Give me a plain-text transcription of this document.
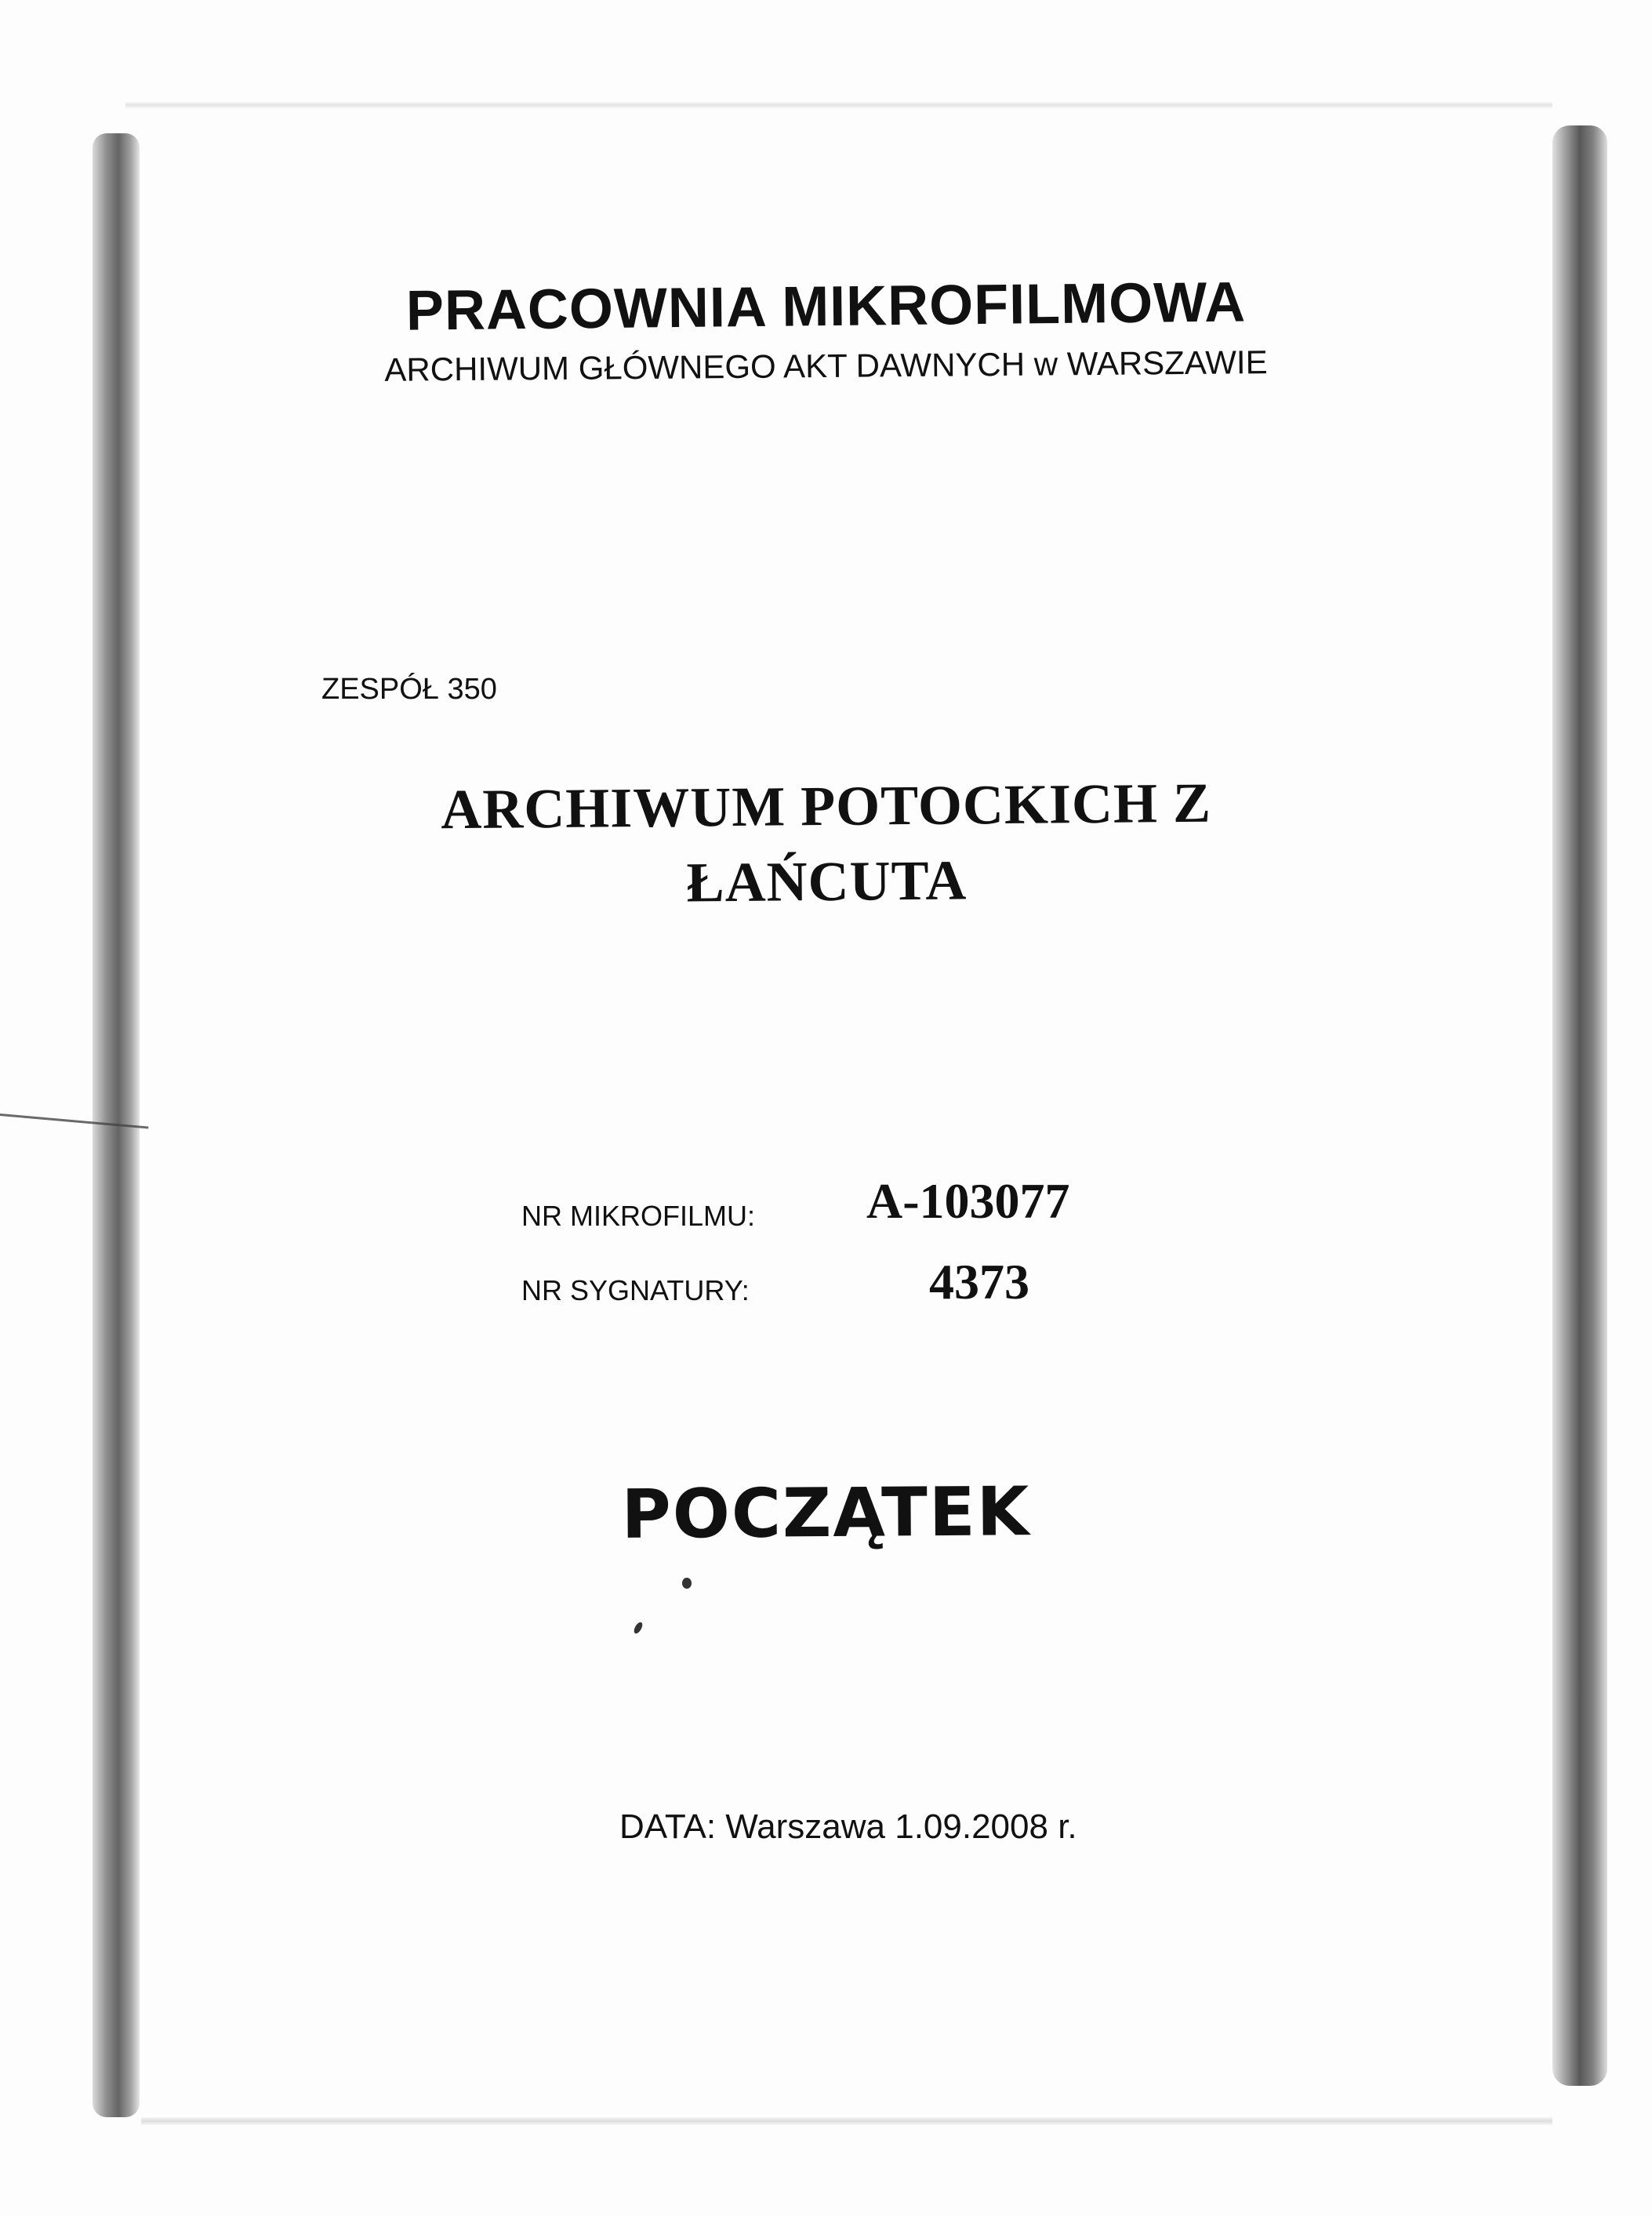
PRACOWNIA MIKROFILMOWA
ARCHIWUM GŁÓWNEGO AKT DAWNYCH w WARSZAWIE
ZESPÓŁ 350
ARCHIWUM POTOCKICH Z ŁAŃCUTA
NR MIKROFILMU: A-103077
NR SYGNATURY:	4373
POCZĄTEK
DATA: Warszawa 1.09.2008 r.
